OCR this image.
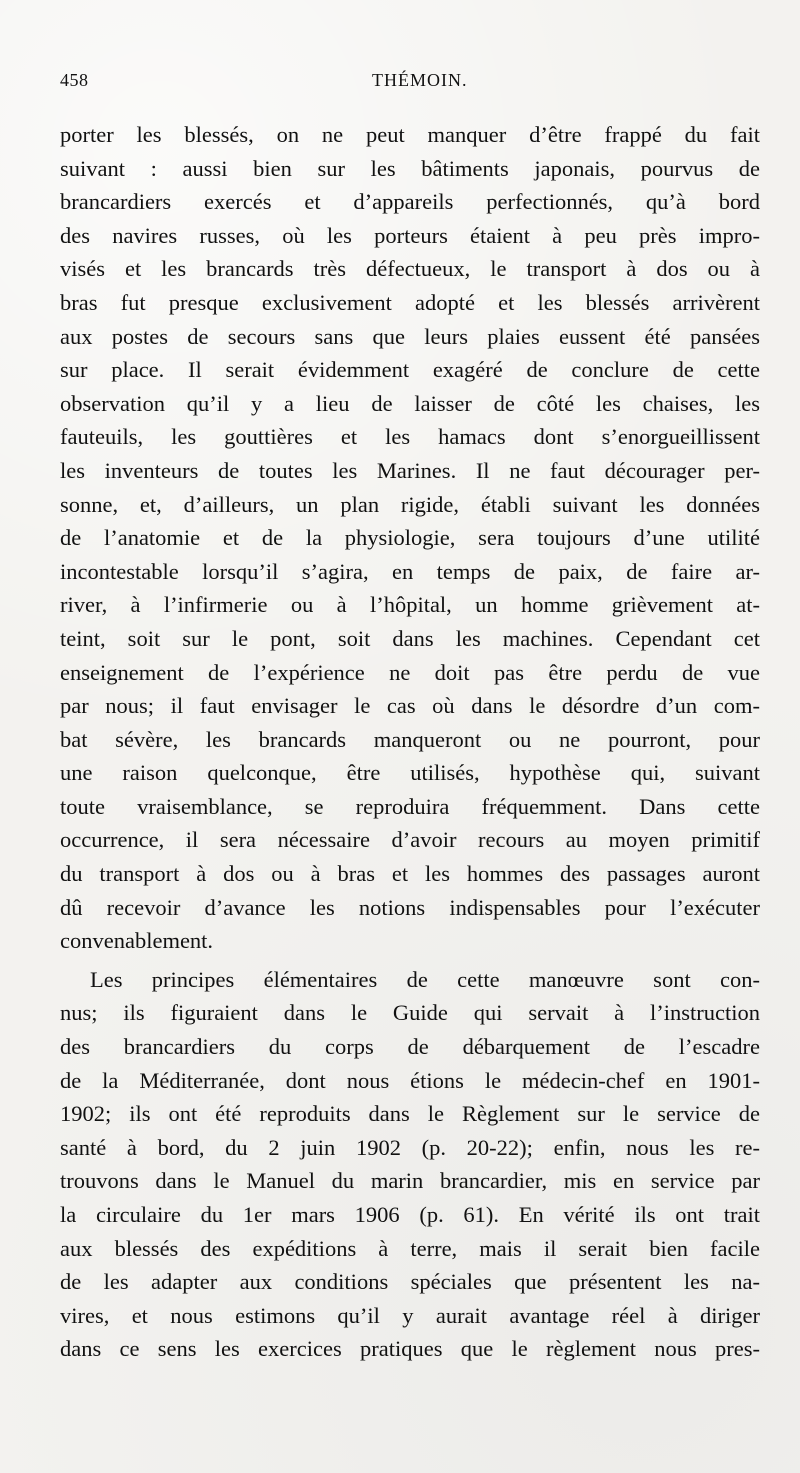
458	THÉMOIN.
porter les blessés, on ne peut manquer d’être frappé du fait
suivant : aussi bien sur les bâtiments japonais, pourvus de
brancardiers exercés et d’appareils perfectionnés, qu’à bord
des navires russes, où les porteurs étaient à peu près impro-
visés et les brancards très défectueux, le transport à dos ou à
bras fut presque exclusivement adopté et les blessés arrivèrent
aux postes de secours sans que leurs plaies eussent été pansées
sur place. Il serait évidemment exagéré de conclure de cette
observation qu’il y a lieu de laisser de côté les chaises, les
fauteuils, les gouttières et les hamacs dont s’enorgueillissent
les inventeurs de toutes les Marines. Il ne faut décourager per-
sonne, et, d’ailleurs, un plan rigide, établi suivant les données
de l’anatomie et de la physiologie, sera toujours d’une utilité
incontestable lorsqu’il s’agira, en temps de paix, de faire ar-
river, à l’infirmerie ou à l’hôpital, un homme grièvement at-
teint, soit sur le pont, soit dans les machines. Cependant cet
enseignement de l’expérience ne doit pas être perdu de vue
par nous; il faut envisager le cas où dans le désordre d’un com-
bat sévère, les brancards manqueront ou ne pourront, pour
une raison quelconque, être utilisés, hypothèse qui, suivant
toute vraisemblance, se reproduira fréquemment. Dans cette
occurrence, il sera nécessaire d’avoir recours au moyen primitif
du transport à dos ou à bras et les hommes des passages auront
dû recevoir d’avance les notions indispensables pour l’exécuter
convenablement.
Les principes élémentaires de cette manœuvre sont con-
nus; ils figuraient dans le Guide qui servait à l’instruction
des brancardiers du corps de débarquement de l’escadre
de la Méditerranée, dont nous étions le médecin-chef en 1901-
1902; ils ont été reproduits dans le Règlement sur le service de
santé à bord, du 2 juin 1902 (p. 20-22); enfin, nous les re-
trouvons dans le Manuel du marin brancardier, mis en service par
la circulaire du 1er mars 1906 (p. 61). En vérité ils ont trait
aux blessés des expéditions à terre, mais il serait bien facile
de les adapter aux conditions spéciales que présentent les na-
vires, et nous estimons qu’il y aurait avantage réel à diriger
dans ce sens les exercices pratiques que le règlement nous pres-
